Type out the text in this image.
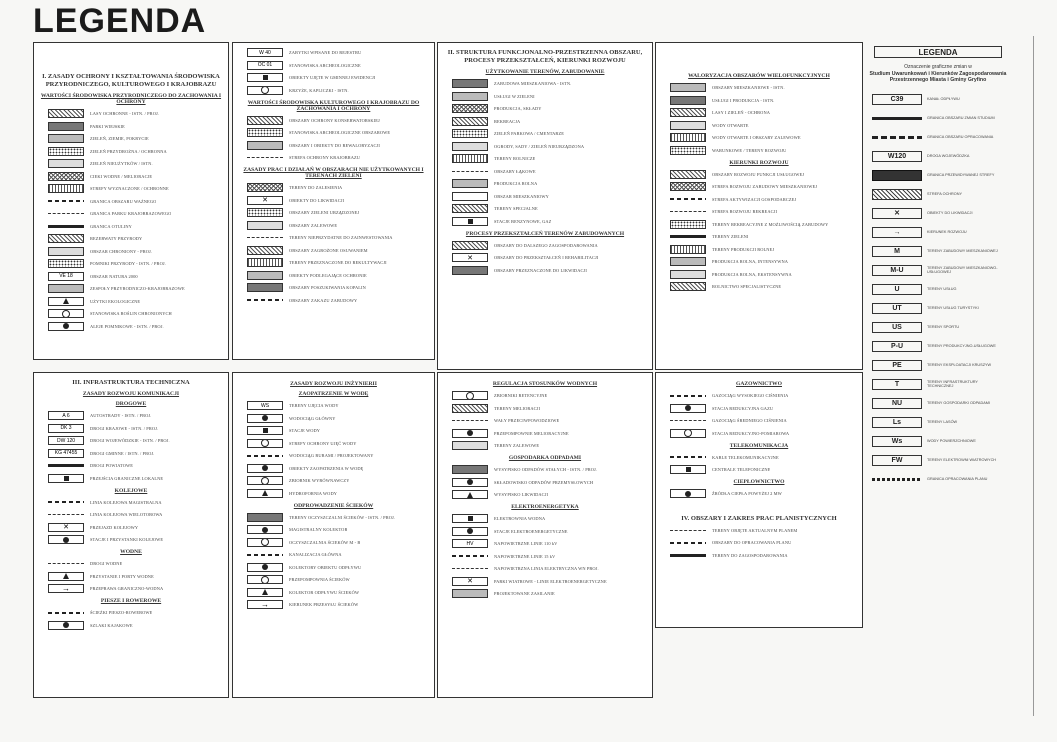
LEGENDA
I. ZASADY OCHRONY I KSZTAŁTOWANIA ŚRODOWISKA PRZYRODNICZEGO, KULTUROWEGO I KRAJOBRAZU
WARTOŚCI ŚRODOWISKA PRZYRODNICZEGO DO ZACHOWANIA I OCHRONY
LASY OCHRONNE - ISTN. / PROJ.
PARKI WIEJSKIE
ZIELEŃ, ZIEMIE, POKRYCIE
ZIELEŃ PRZYDROŻNA / OCHRONNA
ZIELEŃ NIEUŻYTKÓW / ISTN.
CIEKI WODNE / MELIORACJE
STREFY WYZNACZONE / OCHRONNE
GRANICA OBSZARU WAŻNEGO
GRANICA PARKU KRAJOBRAZOWEGO
GRANICA OTULINY
REZERWATY PRZYRODY
OBSZAR CHRONIONY - PROJ.
POMNIKI PRZYRODY - ISTN. / PROJ.
VE 18	OBSZAR NATURA 2000
ZESPOŁY PRZYRODNICZO-KRAJOBRAZOWE
UŻYTKI EKOLOGICZNE
STANOWISKA ROŚLIN CHRONIONYCH
ALEJE POMNIKOWE - ISTN. / PROJ.
W 40	ZABYTKI WPISANE DO REJESTRU
OC 01	STANOWISKA ARCHEOLOGICZNE
OBIEKTY UJĘTE W GMINNEJ EWIDENCJI
KRZYŻE, KAPLICZKI - ISTN.
WARTOŚCI ŚRODOWISKA KULTUROWEGO I KRAJOBRAZU DO ZACHOWANIA I OCHRONY
OBSZARY OCHRONY KONSERWATORSKIEJ
STANOWISKA ARCHEOLOGICZNE OBSZAROWE
OBSZARY I OBIEKTY DO REWALORYZACJI
STREFA OCHRONY KRAJOBRAZU
ZASADY PRAC I DZIAŁAŃ W OBSZARACH NIE UŻYTKOWANYCH I TERENACH ZIELENI
TERENY DO ZALESIENIA
✕
OBIEKTY DO LIKWIDACJI
OBSZARY ZIELENI URZĄDZONEJ
OBSZARY ZALEWOWE
TERENY NIEPRZYDATNE DO ZAINWESTOWANIA
OBSZARY ZAGROŻONE OSUWANIEM
TERENY PRZEZNACZONE DO REKULTYWACJI
OBIEKTY PODLEGAJĄCE OCHRONIE
OBSZARY POSZUKIWANIA KOPALIN
OBSZARY ZAKAZU ZABUDOWY
II. STRUKTURA FUNKCJONALNO-PRZESTRZENNA OBSZARU, PROCESY PRZEKSZTAŁCEŃ, KIERUNKI ROZWOJU
UŻYTKOWANIE TERENÓW, ZABUDOWANIE
ZABUDOWA MIESZKANIOWA - ISTN.
USŁUGI W ZIELENI
PRODUKCJA, SKŁADY
REKREACJA
ZIELEŃ PARKOWA / CMENTARZE
OGRODY, SADY / ZIELEŃ NIEURZĄDZONA
TERENY ROLNICZE
OBSZARY ŁĄKOWE
PRODUKCJA ROLNA
OBSZAR MIESZKANIOWY
TERENY SPECJALNE
STACJE BENZYNOWE, GAZ
PROCESY PRZEKSZTAŁCEŃ TERENÓW ZABUDOWANYCH
OBSZARY DO DALSZEGO ZAGOSPODAROWANIA
✕
OBSZARY DO PRZEKSZTAŁCEŃ I REHABILITACJI
OBSZARY PRZEZNACZONE DO LIKWIDACJI
WALORYZACJA OBSZARÓW WIELOFUNKCYJNYCH
OBSZARY MIESZKANIOWE - ISTN.
USŁUGI I PRODUKCJA - ISTN.
LASY I ZIELEŃ - OCHRONA
WODY OTWARTE
WODY OTWARTE I OBSZARY ZALEWOWE
WARUNKOWE / TERENY ROZWOJU
KIERUNKI ROZWOJU
OBSZARY ROZWOJU FUNKCJI USŁUGOWEJ
STREFA ROZWOJU ZABUDOWY MIESZKANIOWEJ
STREFA AKTYWIZACJI GOSPODARCZEJ
STREFA ROZWOJU REKREACJI
TERENY REKREACYJNE Z MOŻLIWOŚCIĄ ZABUDOWY
TERENY ZIELENI
TERENY PRODUKCJI ROLNEJ
PRODUKCJA ROLNA, INTENSYWNA
PRODUKCJA ROLNA, EKSTENSYWNA
ROLNICTWO SPECJALISTYCZNE
III. INFRASTRUKTURA TECHNICZNA
ZASADY ROZWOJU KOMUNIKACJI
DROGOWE
A 6	AUTOSTRADY - ISTN. / PROJ.
DK 3	DROGI KRAJOWE - ISTN. / PROJ.
DW 120	DROGI WOJEWÓDZKIE - ISTN. / PROJ.
KG 47455	DROGI GMINNE / ISTN. / PROJ.
DROGI POWIATOWE
PRZEJŚCIA GRANICZNE LOKALNE
KOLEJOWE
LINIA KOLEJOWA MAGISTRALNA
LINIA KOLEJOWA WIELOTOROWA
✕
PRZEJAZD KOLEJOWY
STACJE I PRZYSTANKI KOLEJOWE
WODNE
DROGI WODNE
PRZYSTANIE I PORTY WODNE
→
PRZEPRAWA GRANICZNO-WODNA
PIESZE I ROWEROWE
ŚCIEŻKI PIESZO-ROWEROWE
SZLAKI KAJAKOWE
ZASADY ROZWOJU INŻYNIERII
ZAOPATRZENIE W WODĘ
WS	TERENY UJĘCIA WODY
WODOCIĄG GŁÓWNY
STACJE WODY
STREFY OCHRONY UJĘĆ WODY
WODOCIĄG RURAMI / PROJEKTOWANY
OBIEKTY ZAOPATRZENIA W WODĘ
ZBIORNIK WYRÓWNAWCZY
HYDROFORNIA WODY
ODPROWADZENIE ŚCIEKÓW
TERENY OCZYSZCZALNI ŚCIEKÓW - ISTN. / PROJ.
MAGISTRALNY KOLEKTOR
OCZYSZCZALNIA ŚCIEKÓW M - B
KANALIZACJA GŁÓWNA
KOLEKTORY OBIEKTU ODPŁYWU
PRZEPOMPOWNIA ŚCIEKÓW
KOLEKTOR ODPŁYWU ŚCIEKÓW
→
KIERUNEK PRZESYŁU ŚCIEKÓW
REGULACJA STOSUNKÓW WODNYCH
ZBIORNIKI RETENCYJNE
TERENY MELIORACJI
WAŁY PRZECIWPOWODZIOWE
PRZEPOMPOWNIE MELIORACYJNE
TERENY ZALEWOWE
GOSPODARKA ODPADAMI
WYSYPISKO ODPADÓW STAŁYCH - ISTN. / PROJ.
SKŁADOWISKO ODPADÓW PRZEMYSŁOWYCH
WYSYPISKO LIKWIDACJI
ELEKTROENERGETYKA
ELEKTROWNIA WODNA
STACJE ELEKTROENERGETYCZNE
HV	NAPOWIETRZNE LINIE 110 kV
NAPOWIETRZNE LINIE 15 kV
NAPOWIETRZNA LINIA ELEKTRYCZNA WN PROJ.
✕
PARKI WIATROWE - LINIE ELEKTROENERGETYCZNE
PROJEKTOWANE ZASILANIE
GAZOWNICTWO
GAZOCIĄG WYSOKIEGO CIŚNIENIA
STACJA REDUKCYJNA GAZU
GAZOCIĄG ŚREDNIEGO CIŚNIENIA
STACJA REDUKCYJNO-POMIAROWA
TELEKOMUNIKACJA
KABLE TELEKOMUNIKACYJNE
CENTRALE TELEFONICZNE
CIEPŁOWNICTWO
ŹRÓDŁA CIEPŁA POWYŻEJ 2 MW
IV. OBSZARY I ZAKRES PRAC PLANISTYCZNYCH
TERENY OBJĘTE AKTUALNYM PLANEM
OBSZARY DO OPRACOWANIA PLANU
TERENY DO ZAGOSPODAROWANIA
LEGENDA
Oznaczenie graficzne zmian w
Studium Uwarunkowań i Kierunków Zagospodarowania Przestrzennego Miasta i Gminy Gryfino
C39	KANAŁ ODPŁYWU
GRANICA OBSZARU ZMIAN STUDIUM
GRANICA OBSZARU OPRACOWANIA
W120	DROGA WOJEWÓDZKA
GRANICA PRZEWIDYWANEJ STREFY
STREFA OCHRONY
✕	OBIEKTY DO LIKWIDACJI
→	KIERUNEK ROZWOJU
M	TERENY ZABUDOWY MIESZKANIOWEJ
M-U	TERENY ZABUDOWY MIESZKANIOWO-USŁUGOWEJ
U	TERENY USŁUG
UT	TERENY USŁUG TURYSTYKI
US	TERENY SPORTU
P-U	TERENY PRODUKCYJNO-USŁUGOWE
PE	TERENY EKSPLOATACJI KRUSZYW
T	TERENY INFRASTRUKTURY TECHNICZNEJ
NU	TERENY GOSPODARKI ODPADAMI
Ls	TERENY LASÓW
Ws	WODY POWIERZCHNIOWE
FW	TERENY ELEKTROWNI WIATROWYCH
GRANICA OPRACOWANIA PLANU
